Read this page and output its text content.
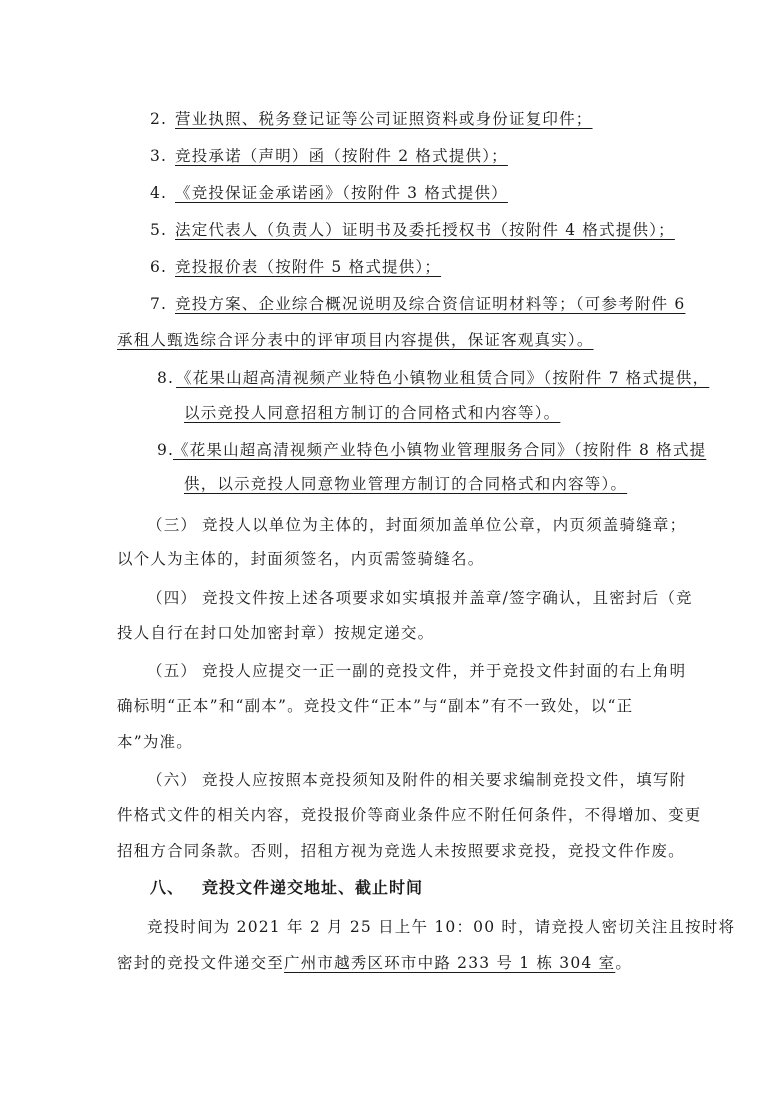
2. 营业执照、税务登记证等公司证照资料或身份证复印件；
3. 竞投承诺（声明）函（按附件 2 格式提供）；
4. 《竞投保证金承诺函》（按附件 3 格式提供）
5. 法定代表人（负责人）证明书及委托授权书（按附件 4 格式提供）；
6. 竞投报价表（按附件 5 格式提供）；
7. 竞投方案、企业综合概况说明及综合资信证明材料等；（可参考附件 6
承租人甄选综合评分表中的评审项目内容提供，保证客观真实）。
8. 《花果山超高清视频产业特色小镇物业租赁合同》（按附件 7 格式提供，
以示竞投人同意招租方制订的合同格式和内容等）。
9.
《花果山超高清视频产业特色小镇物业管理服务合同》（按附件 8 格式提
供，以示竞投人同意物业管理方制订的合同格式和内容等）。
（三） 竞投人以单位为主体的，封面须加盖单位公章，内页须盖骑缝章；
以个人为主体的，封面须签名，内页需签骑缝名。
（四） 竞投文件按上述各项要求如实填报并盖章/签字确认，且密封后（竞
投人自行在封口处加密封章）按规定递交。
（五） 竞投人应提交一正一副的竞投文件，并于竞投文件封面的右上角明
确标明“正本”和“副本”。竞投文件“正本”与“副本”有不一致处，以“正
本”为准。
（六） 竞投人应按照本竞投须知及附件的相关要求编制竞投文件，填写附
件格式文件的相关内容，竞投报价等商业条件应不附任何条件，不得增加、变更
招租方合同条款。否则，招租方视为竞选人未按照要求竞投，竞投文件作废。
八、 竞投文件递交地址、截止时间
竞投时间为 2021 年 2 月 25 日上午 10：00 时，请竞投人密切关注且按时将
密封的竞投文件递交至广州市越秀区环市中路 233 号 1 栋 304 室。
